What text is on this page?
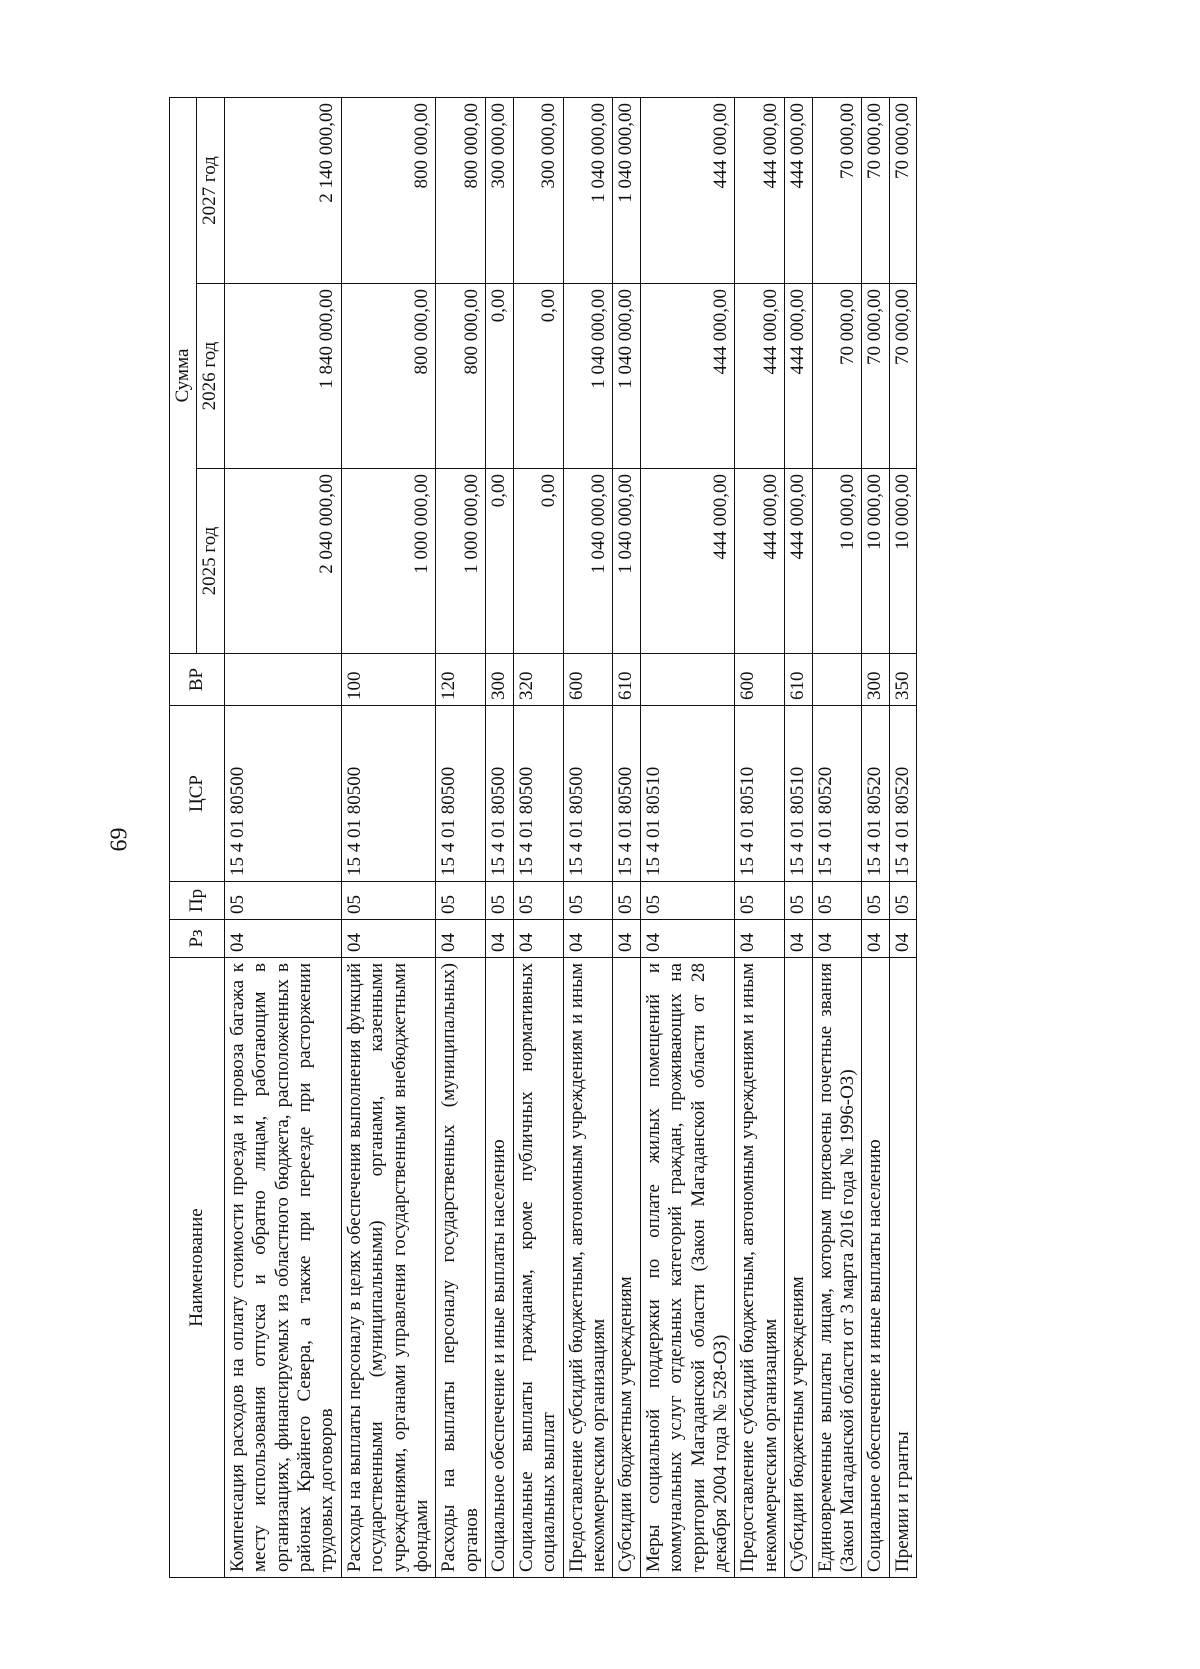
69
Наименование	Рз	Пр	ЦСР	ВР	Сумма		
					2025 год	2026 год	2027 год
Компенсация расходов на оплату стоимости проезда и провоза багажа к месту использования отпуска и обратно лицам, работающим в организациях, финансируемых из областного бюджета, расположенных в районах Крайнего Севера, а также при переезде при расторжении трудовых договоров	04	05	15 4 01 80500		2 040 000,00	1 840 000,00	2 140 000,00
Расходы на выплаты персоналу в целях обеспечения выполнения функций государственными (муниципальными) органами, казенными учреждениями, органами управления государственными внебюджетными фондами	04	05	15 4 01 80500	100	1 000 000,00	800 000,00	800 000,00
Расходы на выплаты персоналу государственных (муниципальных) органов	04	05	15 4 01 80500	120	1 000 000,00	800 000,00	800 000,00
Социальное обеспечение и иные выплаты населению	04	05	15 4 01 80500	300	0,00	0,00	300 000,00
Социальные выплаты гражданам, кроме публичных нормативных социальных выплат	04	05	15 4 01 80500	320	0,00	0,00	300 000,00
Предоставление субсидий бюджетным, автономным учреждениям и иным некоммерческим организациям	04	05	15 4 01 80500	600	1 040 000,00	1 040 000,00	1 040 000,00
Субсидии бюджетным учреждениям	04	05	15 4 01 80500	610	1 040 000,00	1 040 000,00	1 040 000,00
Меры социальной поддержки по оплате жилых помещений и коммунальных услуг отдельных категорий граждан, проживающих на территории Магаданской области (Закон Магаданской области от 28 декабря 2004 года № 528-ОЗ)	04	05	15 4 01 80510		444 000,00	444 000,00	444 000,00
Предоставление субсидий бюджетным, автономным учреждениям и иным некоммерческим организациям	04	05	15 4 01 80510	600	444 000,00	444 000,00	444 000,00
Субсидии бюджетным учреждениям	04	05	15 4 01 80510	610	444 000,00	444 000,00	444 000,00
Единовременные выплаты лицам, которым присвоены почетные звания (Закон Магаданской области от 3 марта 2016 года № 1996-ОЗ)	04	05	15 4 01 80520		10 000,00	70 000,00	70 000,00
Социальное обеспечение и иные выплаты населению	04	05	15 4 01 80520	300	10 000,00	70 000,00	70 000,00
Премии и гранты	04	05	15 4 01 80520	350	10 000,00	70 000,00	70 000,00
